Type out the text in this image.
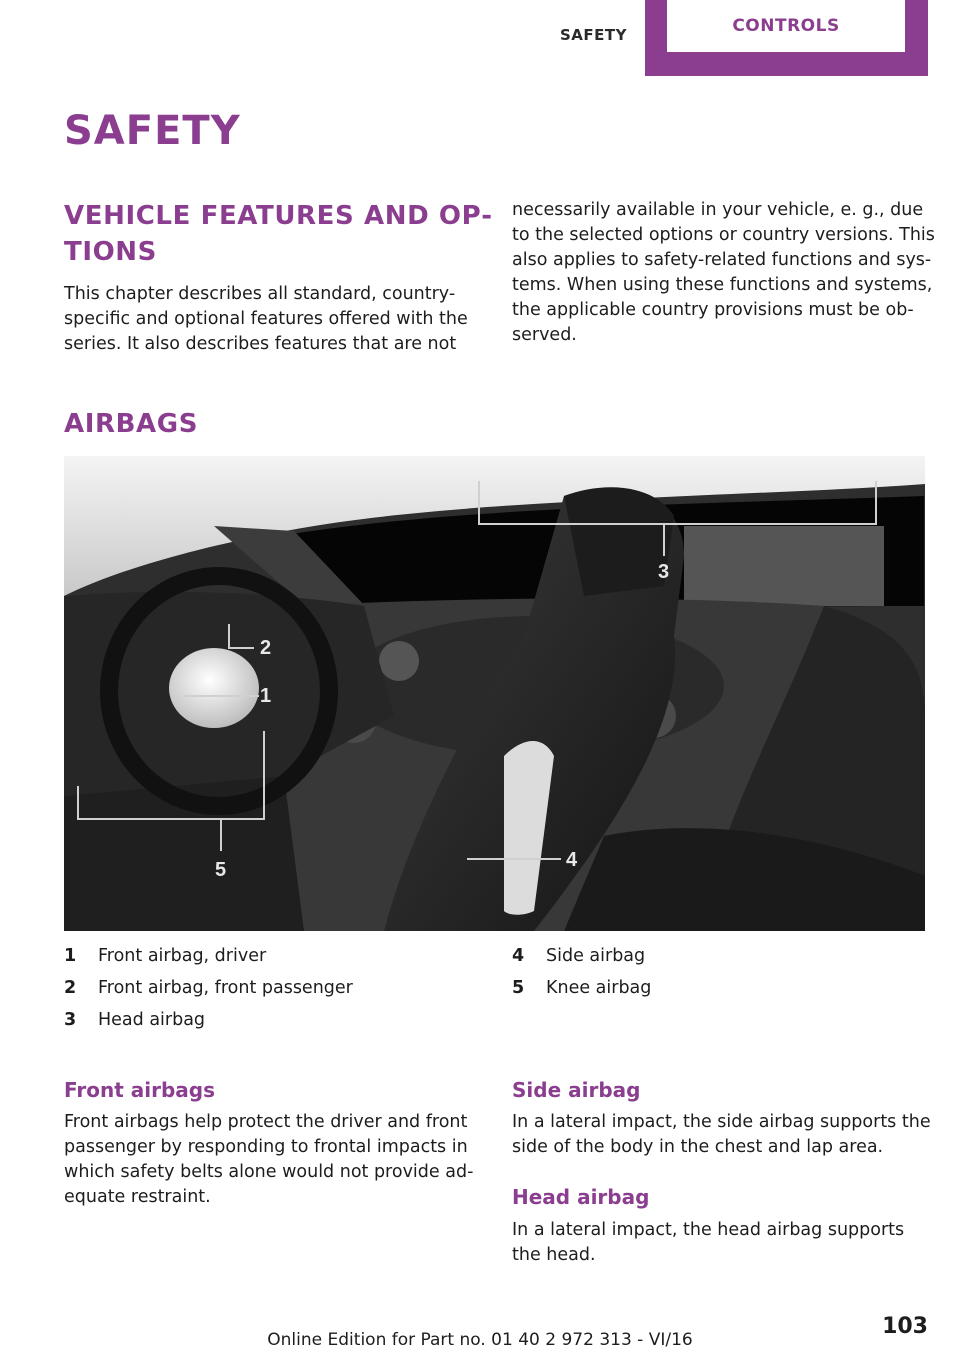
SAFETY	CONTROLS
SAFETY
VEHICLE FEATURES AND OP‐
TIONS
This chapter describes all standard, country-
specific and optional features offered with the
series. It also describes features that are not
necessarily available in your vehicle, e. g., due
to the selected options or country versions. This
also applies to safety-related functions and sys‐
tems. When using these functions and systems,
the applicable country provisions must be ob‐
served.
AIRBAGS
1
2
3
4
5
1 Front airbag, driver
2 Front airbag, front passenger
3 Head airbag
4 Side airbag
5 Knee airbag
Front airbags
Front airbags help protect the driver and front
passenger by responding to frontal impacts in
which safety belts alone would not provide ad‐
equate restraint.
Side airbag
In a lateral impact, the side airbag supports the
side of the body in the chest and lap area.
Head airbag
In a lateral impact, the head airbag supports
the head.
103
Online Edition for Part no. 01 40 2 972 313 - VI/16
